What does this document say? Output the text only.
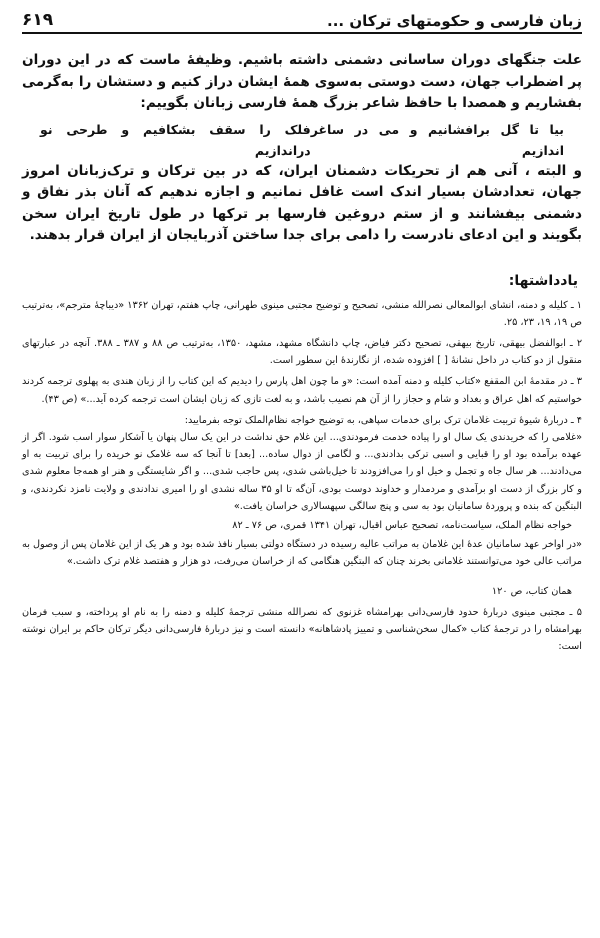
زبان فارسی و حکومتهای ترکان ...
۶۱۹

علت جنگهای دوران ساسانی دشمنی داشته باشیم. وظیفهٔ ماست که در این دوران پر اضطراب جهان، دست دوستی به‌سوی همهٔ ایشان دراز کنیم و دستشان را به‌گرمی بفشاریم و همصدا با حافظ شاعر بزرگ همهٔ فارسی زبانان بگوییم:

بیا تا گل برافشانیم و می در ساغر اندازیم
فلک را سقف بشکافیم و طرحی نو دراندازیم

و البته ، آنی هم از تحریکات دشمنان ایران، که در بین ترکان و ترک‌زبانان امروز جهان، تعدادشان بسیار اندک است غافل نمانیم و اجازه ندهیم که آنان بذر نفاق و دشمنی بیفشانند و از ستم دروغین فارسها بر ترکها در طول تاریخ ایران سخن بگویند و این ادعای نادرست را دامی برای جدا ساختن آذربایجان از ایران قرار بدهند.

یادداشتها:

۱ ـ کلیله و دمنه، انشای ابوالمعالی نصرالله منشی، تصحیح و توضیح مجتبی مینوی طهرانی، چاپ هفتم، تهران ۱۳۶۲ «دیباچهٔ مترجم»، به‌ترتیب ص ۱۹، ۱۹، ۲۳، ۲۵.

۲ ـ ابوالفضل بیهقی، تاریخ بیهقی، تصحیح دکتر فیاض، چاپ دانشگاه مشهد، مشهد، ۱۳۵۰، به‌ترتیب ص ۸۸ و ۳۸۷ ـ ۳۸۸. آنچه در عبارتهای منقول از دو کتاب در داخل نشانهٔ [ ] افزوده شده، از نگارندهٔ این سطور است.

۳ ـ در مقدمهٔ ابن المقفع «کتاب کلیله و دمنه آمده است: «و ما چون اهل پارس را دیدیم که این کتاب را از زبان هندی به پهلوی ترجمه کردند خواستیم که اهل عراق و بغداد و شام و حجاز را از آن هم نصیب باشد، و به لغت تازی که زبان ایشان است ترجمه کرده آید...» (ص ۴۳).

۴ ـ دربارهٔ شیوهٔ تربیت غلامان ترک برای خدمات سپاهی، به توضیح خواجه نظام‌الملک توجه بفرمایید:

«غلامی را که خریدندی یک سال او را پیاده خدمت فرمودندی... این غلام حق نداشت در این یک سال پنهان یا آشکار سوار اسب شود. اگر از عهده برآمده بود او را قبایی و اسبی ترکی بدادندی... و لگامی از دوال ساده... [بعد] تا آنجا که سه غلامک نو خریده را برای تربیت به او می‌دادند... هر سال جاه و تجمل و خیل او را می‌افزودند تا خیل‌باشی شدی، پس حاجب شدی... و اگر شایستگی و هنر او همه‌جا معلوم شدی و کار بزرگ از دست او برآمدی و مردمدار و خداوند دوست بودی، آن‌گه تا او ۳۵ ساله نشدی او را امیری ندادندی و ولایت نامزد نکردندی، و البتگین که بنده و پروردهٔ سامانیان بود به سی و پنج سالگی سپهسالاری خراسان یافت.»

خواجه نظام الملک، سیاست‌نامه، تصحیح عباس اقبال، تهران ۱۳۴۱ قمری، ص ۷۶ ـ ۸۲

«در اواخر عهد سامانیان عدهٔ این غلامان به مراتب عالیه رسیده در دستگاه دولتی بسیار نافذ شده بود و هر یک از این غلامان پس از وصول به مراتب عالی خود می‌توانستند غلامانی بخرند چنان که البتگین هنگامی که از خراسان می‌رفت، دو هزار و هفتصد غلام ترک داشت.»

همان کتاب، ص ۱۲۰

۵ ـ مجتبی مینوی دربارهٔ حدود فارسی‌دانی بهرامشاه غزنوی که نصرالله منشی ترجمهٔ کلیله و دمنه را به نام او پرداخته، و سبب فرمان بهرامشاه را در ترجمهٔ کتاب «کمال سخن‌شناسی و تمییز پادشاهانه» دانسته است و نیز دربارهٔ فارسی‌دانی دیگر ترکان حاکم بر ایران نوشته است:
